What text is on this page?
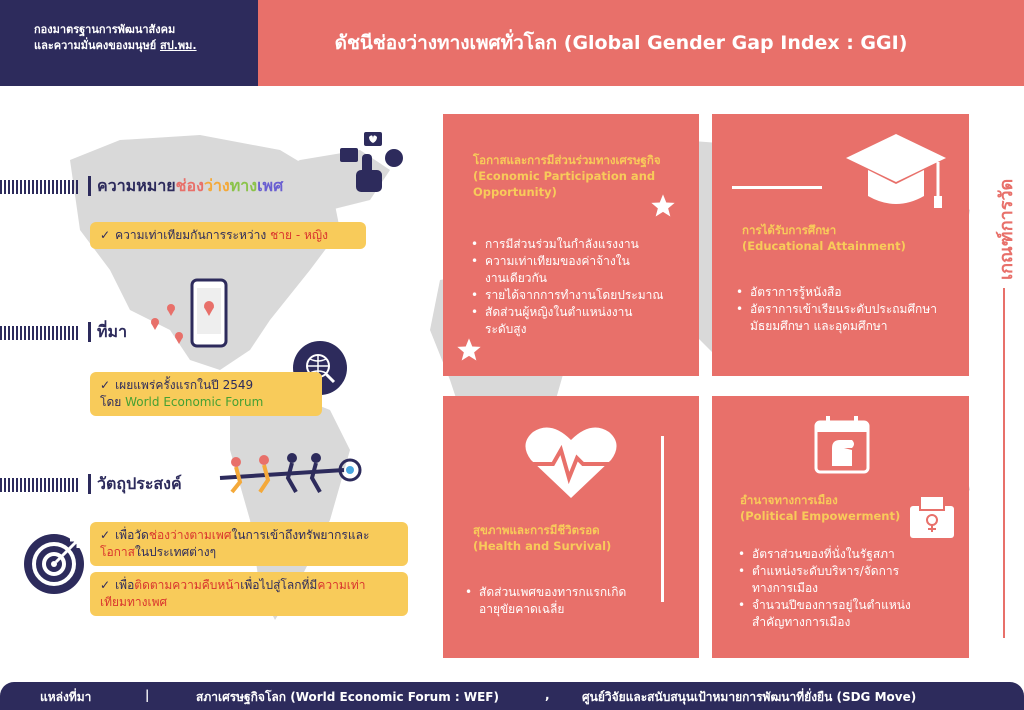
กองมาตรฐานการพัฒนาสังคม
และความมั่นคงของมนุษย์ สป.พม.	ดัชนีช่องว่างทางเพศทั่วโลก (Global Gender Gap Index : GGI)
ความหมายช่องว่างทางเพศ
✓ ความเท่าเทียมกันการระหว่าง ชาย - หญิง
ที่มา
✓ เผยแพร่ครั้งแรกในปี 2549
โดย World Economic Forum
วัตถุประสงค์
✓ เพื่อวัดช่องว่างตามเพศในการเข้าถึงทรัพยากรและ
โอกาสในประเทศต่างๆ
✓ เพื่อติดตามความคืบหน้าเพื่อไปสู่โลกที่มีความเท่า
เทียมทางเพศ
โอกาสและการมีส่วนร่วมทางเศรษฐกิจ
(Economic Participation and
Opportunity)
• การมีส่วนร่วมในกำลังแรงงาน
• ความเท่าเทียมของค่าจ้างใน
งานเดียวกัน
• รายได้จากการทำงานโดยประมาณ
• สัดส่วนผู้หญิงในตำแหน่งงาน
ระดับสูง
การได้รับการศึกษา
(Educational Attainment)
• อัตราการรู้หนังสือ
• อัตราการเข้าเรียนระดับประถมศึกษา
มัธยมศึกษา และอุดมศึกษา
สุขภาพและการมีชีวิตรอด
(Health and Survival)
• สัดส่วนเพศของทารกแรกเกิด
อายุขัยคาดเฉลี่ย
อำนาจทางการเมือง
(Political Empowerment)
• อัตราส่วนของที่นั่งในรัฐสภา
• ตำแหน่งระดับบริหาร/จัดการ
ทางการเมือง
• จำนวนปีของการอยู่ในตำแหน่ง
สำคัญทางการเมือง
เกณฑ์การวัด
แหล่งที่มา	|	สภาเศรษฐกิจโลก (World Economic Forum : WEF)	,	ศูนย์วิจัยและสนับสนุนเป้าหมายการพัฒนาที่ยั่งยืน (SDG Move)
